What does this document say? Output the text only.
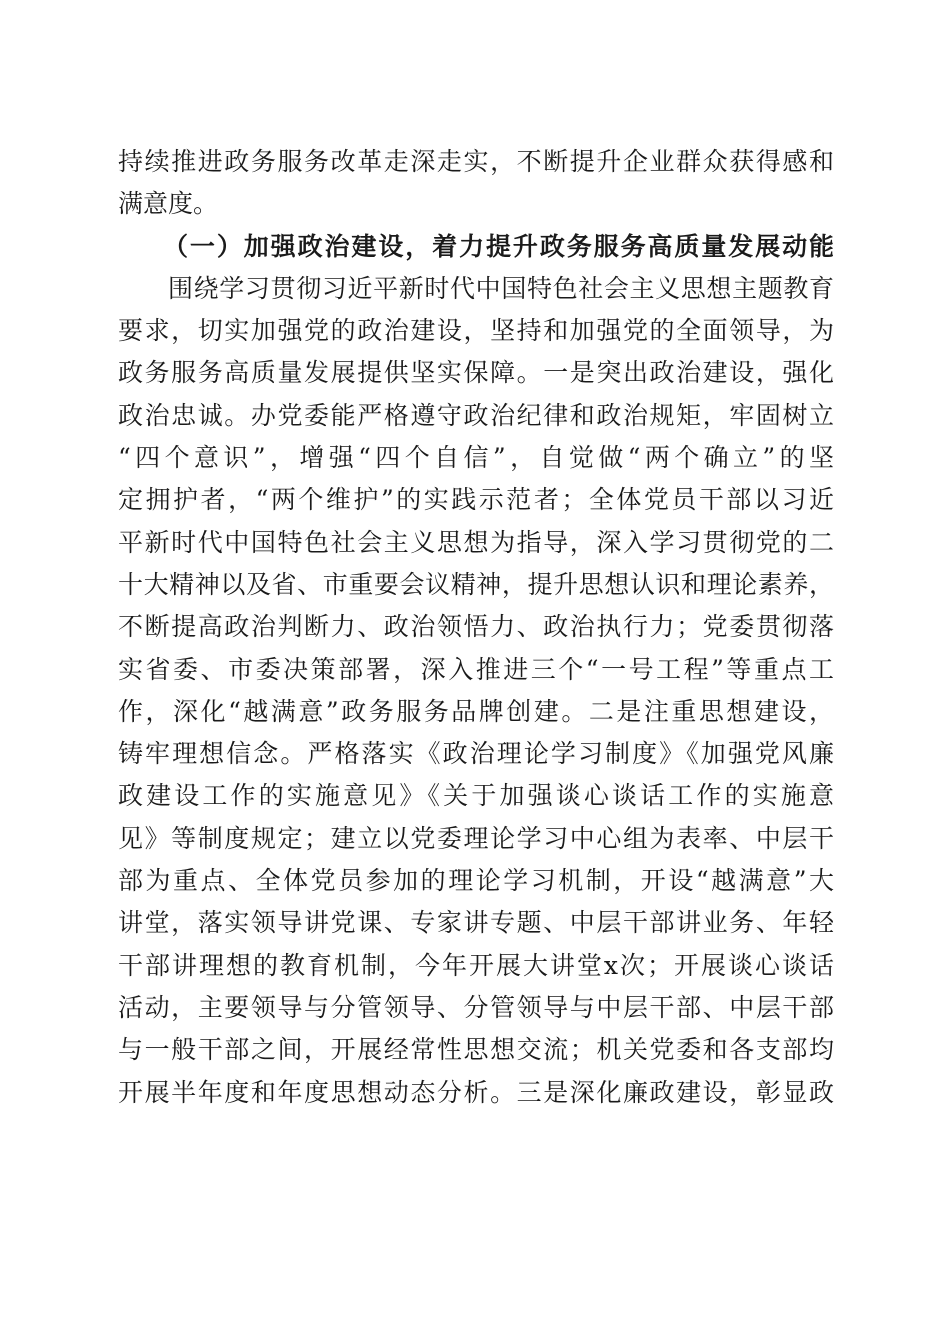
持续推进政务服务改革走深走实，不断提升企业群众获得感和
满意度。
（一）加强政治建设，着力提升政务服务高质量发展动能
围绕学习贯彻习近平新时代中国特色社会主义思想主题教育
要求，切实加强党的政治建设，坚持和加强党的全面领导，为
政务服务高质量发展提供坚实保障。一是突出政治建设，强化
政治忠诚。办党委能严格遵守政治纪律和政治规矩，牢固树立
“四个意识”，增强“四个自信”，自觉做“两个确立”的坚
定拥护者，“两个维护”的实践示范者；全体党员干部以习近
平新时代中国特色社会主义思想为指导，深入学习贯彻党的二
十大精神以及省、市重要会议精神，提升思想认识和理论素养，
不断提高政治判断力、政治领悟力、政治执行力；党委贯彻落
实省委、市委决策部署，深入推进三个“一号工程”等重点工
作，深化“越满意”政务服务品牌创建。二是注重思想建设，
铸牢理想信念。严格落实《政治理论学习制度》《加强党风廉
政建设工作的实施意见》《关于加强谈心谈话工作的实施意
见》等制度规定；建立以党委理论学习中心组为表率、中层干
部为重点、全体党员参加的理论学习机制，开设“越满意”大
讲堂，落实领导讲党课、专家讲专题、中层干部讲业务、年轻
干部讲理想的教育机制，今年开展大讲堂x次；开展谈心谈话
活动，主要领导与分管领导、分管领导与中层干部、中层干部
与一般干部之间，开展经常性思想交流；机关党委和各支部均
开展半年度和年度思想动态分析。三是深化廉政建设，彰显政
